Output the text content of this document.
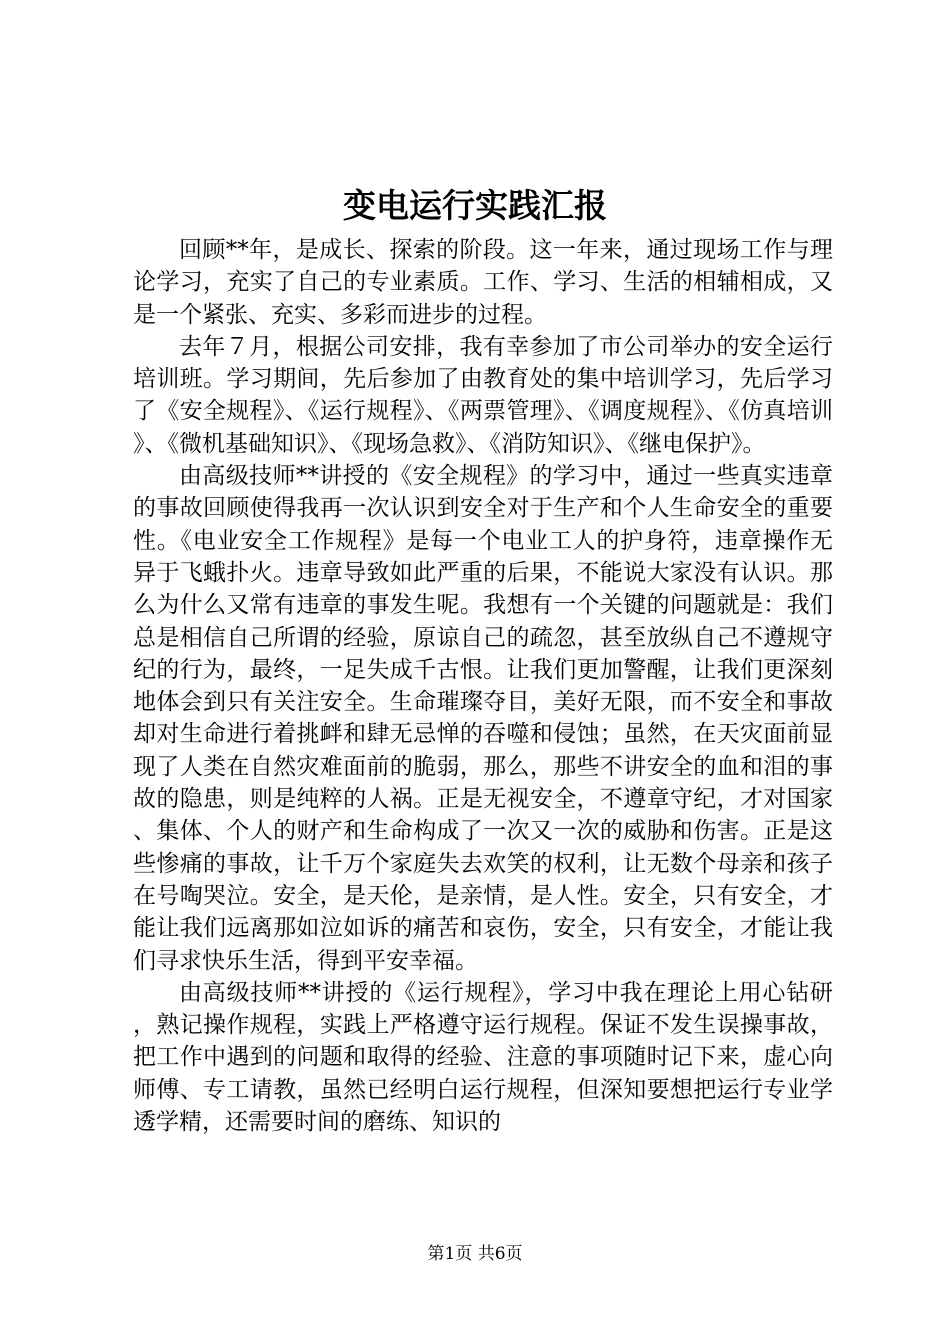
变电运行实践汇报

回顾**年，是成长、探索的阶段。这一年来，通过现场工作与理论学习，充实了自己的专业素质。工作、学习、生活的相辅相成，又是一个紧张、充实、多彩而进步的过程。

去年７月，根据公司安排，我有幸参加了市公司举办的安全运行培训班。学习期间，先后参加了由教育处的集中培训学习，先后学习了《安全规程》、《运行规程》、《两票管理》、《调度规程》、《仿真培训》、《微机基础知识》、《现场急救》、《消防知识》、《继电保护》。

由高级技师**讲授的《安全规程》的学习中，通过一些真实违章的事故回顾使得我再一次认识到安全对于生产和个人生命安全的重要性。《电业安全工作规程》是每一个电业工人的护身符，违章操作无异于飞蛾扑火。违章导致如此严重的后果，不能说大家没有认识。那么为什么又常有违章的事发生呢。我想有一个关键的问题就是：我们总是相信自己所谓的经验，原谅自己的疏忽，甚至放纵自己不遵规守纪的行为，最终，一足失成千古恨。让我们更加警醒，让我们更深刻地体会到只有关注安全。生命璀璨夺目，美好无限，而不安全和事故却对生命进行着挑衅和肆无忌惮的吞噬和侵蚀；虽然，在天灾面前显现了人类在自然灾难面前的脆弱，那么，那些不讲安全的血和泪的事故的隐患，则是纯粹的人祸。正是无视安全，不遵章守纪，才对国家、集体、个人的财产和生命构成了一次又一次的威胁和伤害。正是这些惨痛的事故，让千万个家庭失去欢笑的权利，让无数个母亲和孩子在号啕哭泣。安全，是天伦，是亲情，是人性。安全，只有安全，才能让我们远离那如泣如诉的痛苦和哀伤，安全，只有安全，才能让我们寻求快乐生活，得到平安幸福。

由高级技师**讲授的《运行规程》，学习中我在理论上用心钻研，熟记操作规程，实践上严格遵守运行规程。保证不发生误操事故，把工作中遇到的问题和取得的经验、注意的事项随时记下来，虚心向师傅、专工请教，虽然已经明白运行规程，但深知要想把运行专业学透学精，还需要时间的磨练、知识的

第1页 共6页
